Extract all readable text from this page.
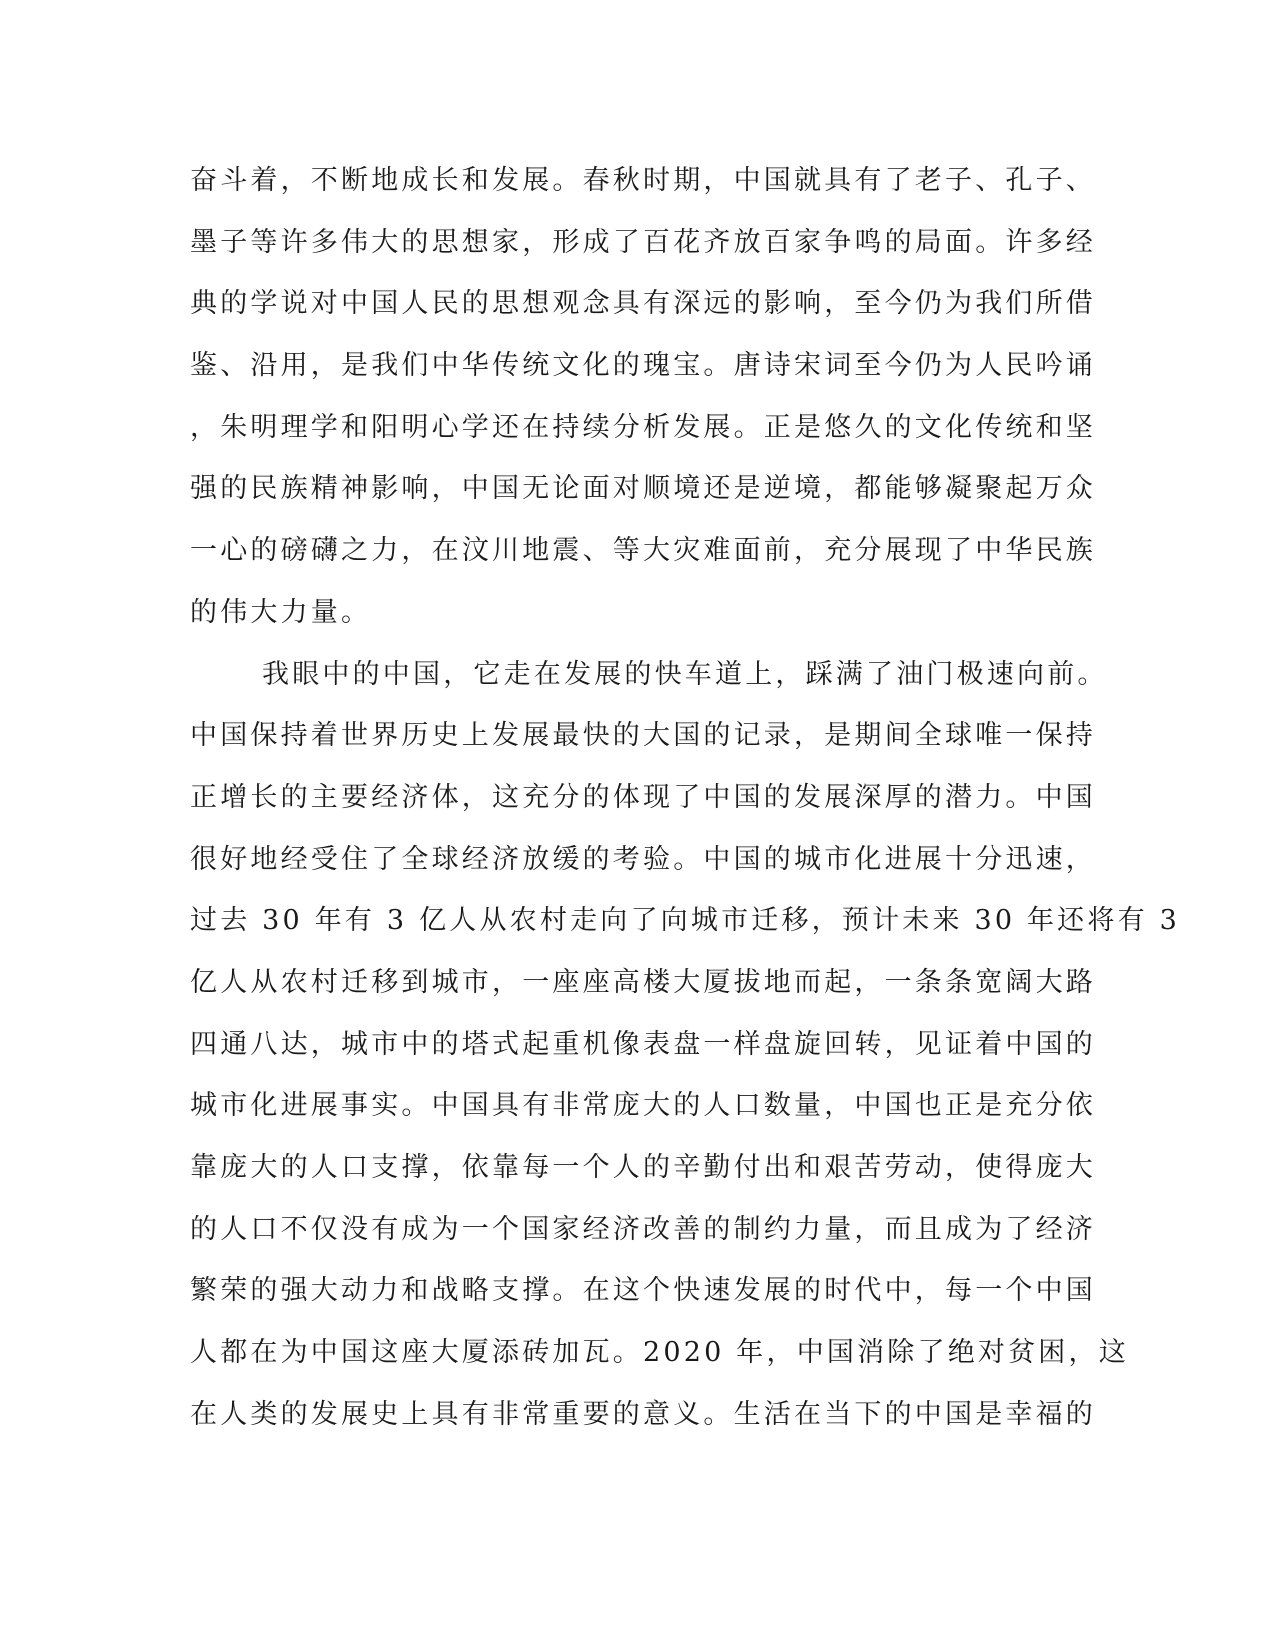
奋斗着，不断地成长和发展。春秋时期，中国就具有了老子、孔子、
墨子等许多伟大的思想家，形成了百花齐放百家争鸣的局面。许多经
典的学说对中国人民的思想观念具有深远的影响，至今仍为我们所借
鉴、沿用，是我们中华传统文化的瑰宝。唐诗宋词至今仍为人民吟诵
，朱明理学和阳明心学还在持续分析发展。正是悠久的文化传统和坚
强的民族精神影响，中国无论面对顺境还是逆境，都能够凝聚起万众
一心的磅礴之力，在汶川地震、等大灾难面前，充分展现了中华民族
的伟大力量。
我眼中的中国，它走在发展的快车道上，踩满了油门极速向前。
中国保持着世界历史上发展最快的大国的记录，是期间全球唯一保持
正增长的主要经济体，这充分的体现了中国的发展深厚的潜力。中国
很好地经受住了全球经济放缓的考验。中国的城市化进展十分迅速，
过去 30 年有 3 亿人从农村走向了向城市迁移，预计未来 30 年还将有 3
亿人从农村迁移到城市，一座座高楼大厦拔地而起，一条条宽阔大路
四通八达，城市中的塔式起重机像表盘一样盘旋回转，见证着中国的
城市化进展事实。中国具有非常庞大的人口数量，中国也正是充分依
靠庞大的人口支撑，依靠每一个人的辛勤付出和艰苦劳动，使得庞大
的人口不仅没有成为一个国家经济改善的制约力量，而且成为了经济
繁荣的强大动力和战略支撑。在这个快速发展的时代中，每一个中国
人都在为中国这座大厦添砖加瓦。2020 年，中国消除了绝对贫困，这
在人类的发展史上具有非常重要的意义。生活在当下的中国是幸福的
